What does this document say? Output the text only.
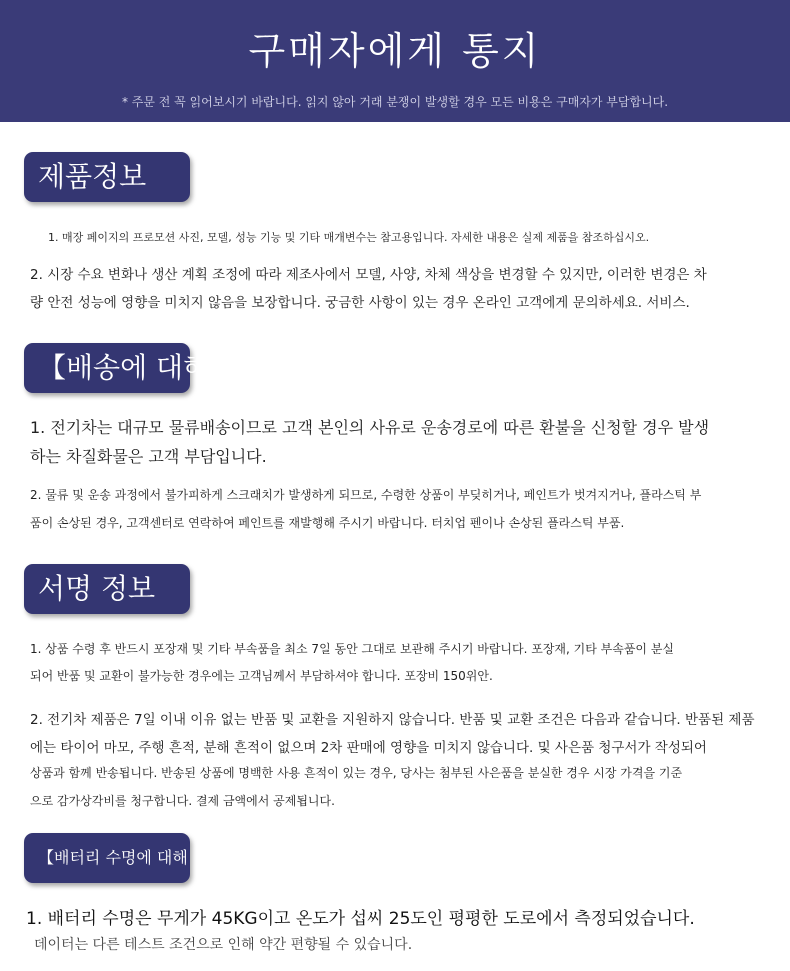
구매자에게 통지
* 주문 전 꼭 읽어보시기 바랍니다. 읽지 않아 거래 분쟁이 발생할 경우 모든 비용은 구매자가 부담합니다.
제품정보
1. 매장 페이지의 프로모션 사진, 모델, 성능 기능 및 기타 매개변수는 참고용입니다. 자세한 내용은 실제 제품을 참조하십시오.
2. 시장 수요 변화나 생산 계획 조정에 따라 제조사에서 모델, 사양, 차체 색상을 변경할 수 있지만, 이러한 변경은 차
량 안전 성능에 영향을 미치지 않음을 보장합니다. 궁금한 사항이 있는 경우 온라인 고객에게 문의하세요. 서비스.
【배송에 대해
1. 전기차는 대규모 물류배송이므로 고객 본인의 사유로 운송경로에 따른 환불을 신청할 경우 발생
하는 차질화물은 고객 부담입니다.
2. 물류 및 운송 과정에서 불가피하게 스크래치가 발생하게 되므로, 수령한 상품이 부딪히거나, 페인트가 벗겨지거나, 플라스틱 부
품이 손상된 경우, 고객센터로 연락하여 페인트를 재발행해 주시기 바랍니다. 터치업 펜이나 손상된 플라스틱 부품.
서명 정보
1. 상품 수령 후 반드시 포장재 및 기타 부속품을 최소 7일 동안 그대로 보관해 주시기 바랍니다. 포장재, 기타 부속품이 분실
되어 반품 및 교환이 불가능한 경우에는 고객님께서 부담하셔야 합니다. 포장비 150위안.
2. 전기차 제품은 7일 이내 이유 없는 반품 및 교환을 지원하지 않습니다. 반품 및 교환 조건은 다음과 같습니다. 반품된 제품
에는 타이어 마모, 주행 흔적, 분해 흔적이 없으며 2차 판매에 영향을 미치지 않습니다. 및 사은품 청구서가 작성되어
상품과 함께 반송됩니다. 반송된 상품에 명백한 사용 흔적이 있는 경우, 당사는 첨부된 사은품을 분실한 경우 시장 가격을 기준
으로 감가상각비를 청구합니다. 결제 금액에서 공제됩니다.
【배터리 수명에 대해
1. 배터리 수명은 무게가 45KG이고 온도가 섭씨 25도인 평평한 도로에서 측정되었습니다.
데이터는 다른 테스트 조건으로 인해 약간 편향될 수 있습니다.
